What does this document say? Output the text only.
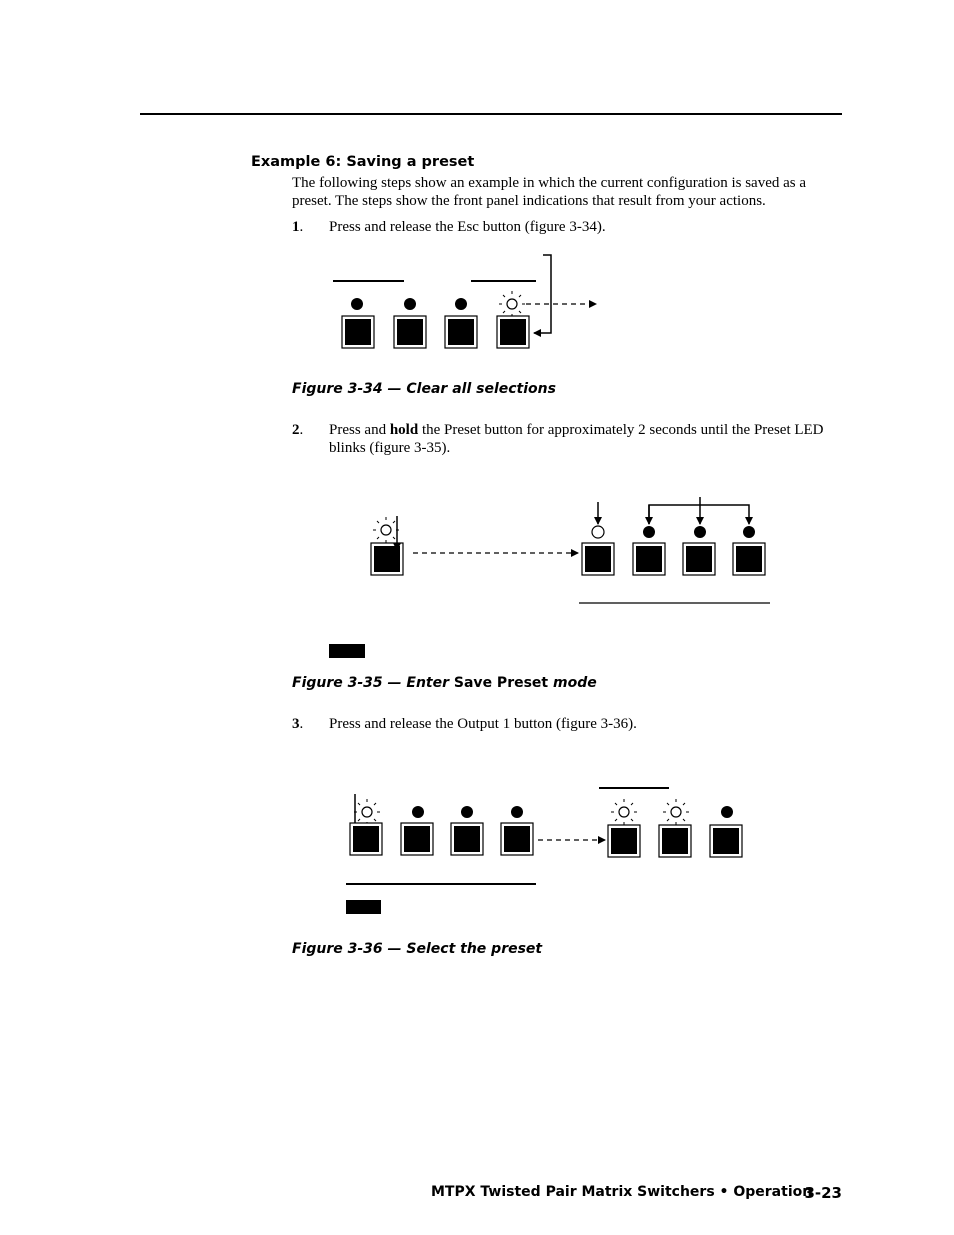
Example 6: Saving a preset
The following steps show an example in which the current configuration is saved as a preset. The steps show the front panel indications that result from your actions.
1. Press and release the Esc button (figure 3-34).
Figure 3-34 — Clear all selections
2. Press and hold the Preset button for approximately 2 seconds until the Preset LED blinks (figure 3-35).
Figure 3-35 — Enter Save Preset mode
3. Press and release the Output 1 button (figure 3-36).
Figure 3-36 — Select the preset
MTPX Twisted Pair Matrix Switchers • Operation
3-23
